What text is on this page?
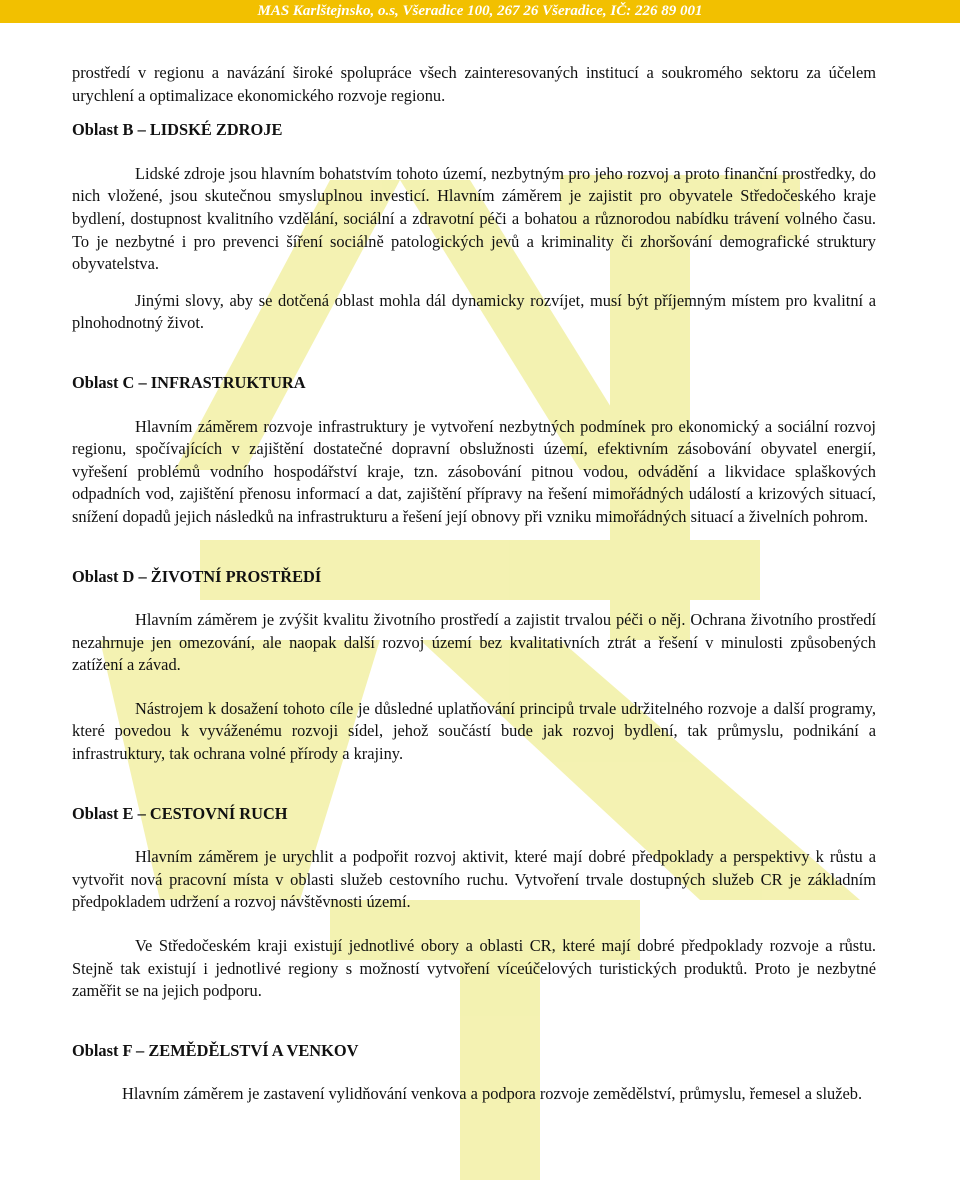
MAS Karlštejnsko, o.s, Všeradice 100, 267 26 Všeradice, IČ: 226 89 001

prostředí v regionu a navázání široké spolupráce všech zainteresovaných institucí a soukromého sektoru za účelem urychlení a optimalizace ekonomického rozvoje regionu.

Oblast B – LIDSKÉ ZDROJE

Lidské zdroje jsou hlavním bohatstvím tohoto území, nezbytným pro jeho rozvoj a proto finanční prostředky, do nich vložené, jsou skutečnou smysluplnou investicí. Hlavním záměrem je zajistit pro obyvatele Středočeského kraje bydlení, dostupnost kvalitního vzdělání, sociální a zdravotní péči a bohatou a různorodou nabídku trávení volného času. To je nezbytné i pro prevenci šíření sociálně patologických jevů a kriminality či zhoršování demografické struktury obyvatelstva.

Jinými slovy, aby se dotčená oblast mohla dál dynamicky rozvíjet, musí být příjemným místem pro kvalitní a plnohodnotný život.

Oblast C – INFRASTRUKTURA

Hlavním záměrem rozvoje infrastruktury je vytvoření nezbytných podmínek pro ekonomický a sociální rozvoj regionu, spočívajících v zajištění dostatečné dopravní obslužnosti území, efektivním zásobování obyvatel energií, vyřešení problémů vodního hospodářství kraje, tzn. zásobování pitnou vodou, odvádění a likvidace splaškových odpadních vod, zajištění přenosu informací a dat, zajištění přípravy na řešení mimořádných událostí a krizových situací, snížení dopadů jejich následků na infrastrukturu a řešení její obnovy při vzniku mimořádných situací a živelních pohrom.

Oblast D – ŽIVOTNÍ PROSTŘEDÍ

Hlavním záměrem je zvýšit kvalitu životního prostředí a zajistit trvalou péči o něj. Ochrana životního prostředí nezahrnuje jen omezování, ale naopak další rozvoj území bez kvalitativních ztrát a řešení v minulosti způsobených zatížení a závad.

Nástrojem k dosažení tohoto cíle je důsledné uplatňování principů trvale udržitelného rozvoje a další programy, které povedou k vyváženému rozvoji sídel, jehož součástí bude jak rozvoj bydlení, tak průmyslu, podnikání a infrastruktury, tak ochrana volné přírody a krajiny.

Oblast E – CESTOVNÍ RUCH

Hlavním záměrem je urychlit a podpořit rozvoj aktivit, které mají dobré předpoklady a perspektivy k růstu a vytvořit nová pracovní místa v oblasti služeb cestovního ruchu. Vytvoření trvale dostupných služeb CR je základním předpokladem udržení a rozvoj návštěvnosti území.

Ve Středočeském kraji existují jednotlivé obory a oblasti CR, které mají dobré předpoklady rozvoje a růstu. Stejně tak existují i jednotlivé regiony s možností vytvoření víceúčelových turistických produktů. Proto je nezbytné zaměřit se na jejich podporu.

Oblast F – ZEMĚDĚLSTVÍ A VENKOV

Hlavním záměrem je zastavení vylidňování venkova a podpora rozvoje zemědělství, průmyslu, řemesel a služeb.
